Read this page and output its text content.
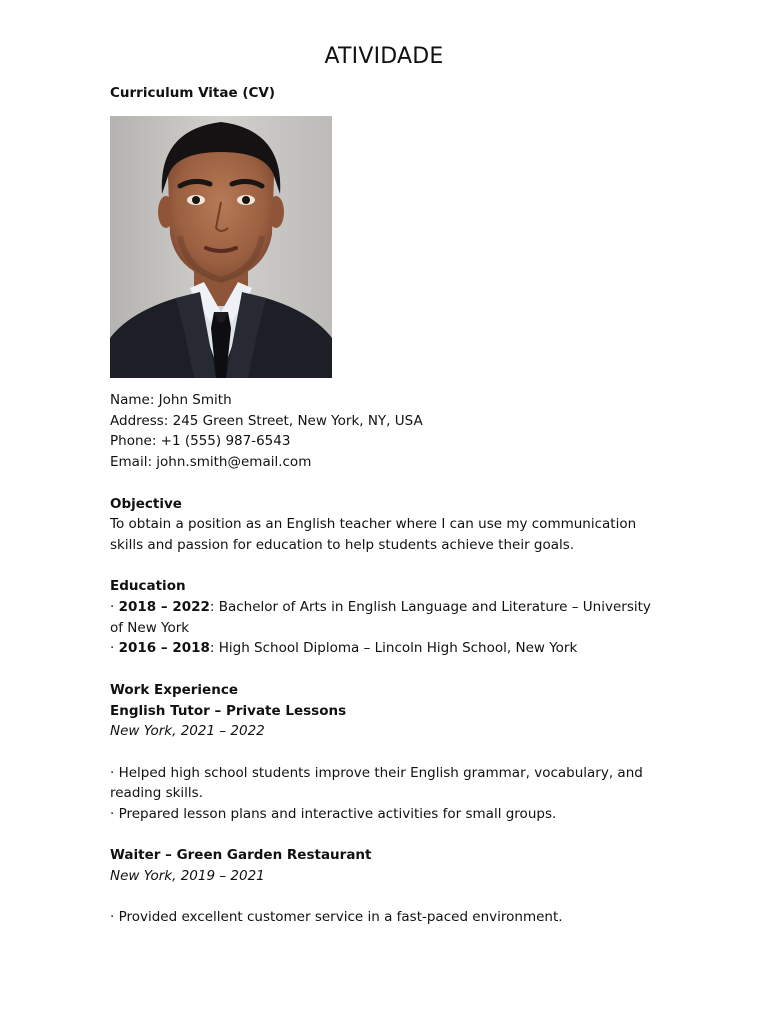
ATIVIDADE

Curriculum Vitae (CV)

Name: John Smith
Address: 245 Green Street, New York, NY, USA
Phone: +1 (555) 987-6543
Email: john.smith@email.com
Objective

To obtain a position as an English teacher where I can use my communication skills and passion for education to help students achieve their goals.

Education

· 2018 – 2022: Bachelor of Arts in English Language and Literature – University of New York

· 2016 – 2018: High School Diploma – Lincoln High School, New York

Work Experience
English Tutor – Private Lessons
New York, 2021 – 2022

· Helped high school students improve their English grammar, vocabulary, and reading skills.

· Prepared lesson plans and interactive activities for small groups.

Waiter – Green Garden Restaurant
New York, 2019 – 2021

· Provided excellent customer service in a fast-paced environment.
